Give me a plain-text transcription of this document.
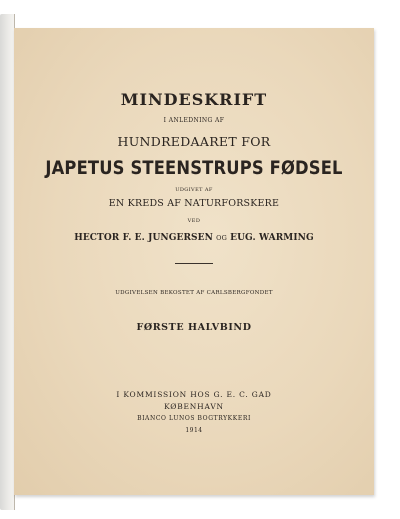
MINDESKRIFT
I ANLEDNING AF
HUNDREDAARET FOR
JAPETUS STEENSTRUPS FØDSEL
UDGIVET AF
EN KREDS AF NATURFORSKERE
VED
HECTOR F. E. JUNGERSEN OG EUG. WARMING
UDGIVELSEN BEKOSTET AF CARLSBERGFONDET
FØRSTE HALVBIND
I KOMMISSION HOS G. E. C. GAD
KØBENHAVN
BIANCO LUNOS BOGTRYKKERI
1914
